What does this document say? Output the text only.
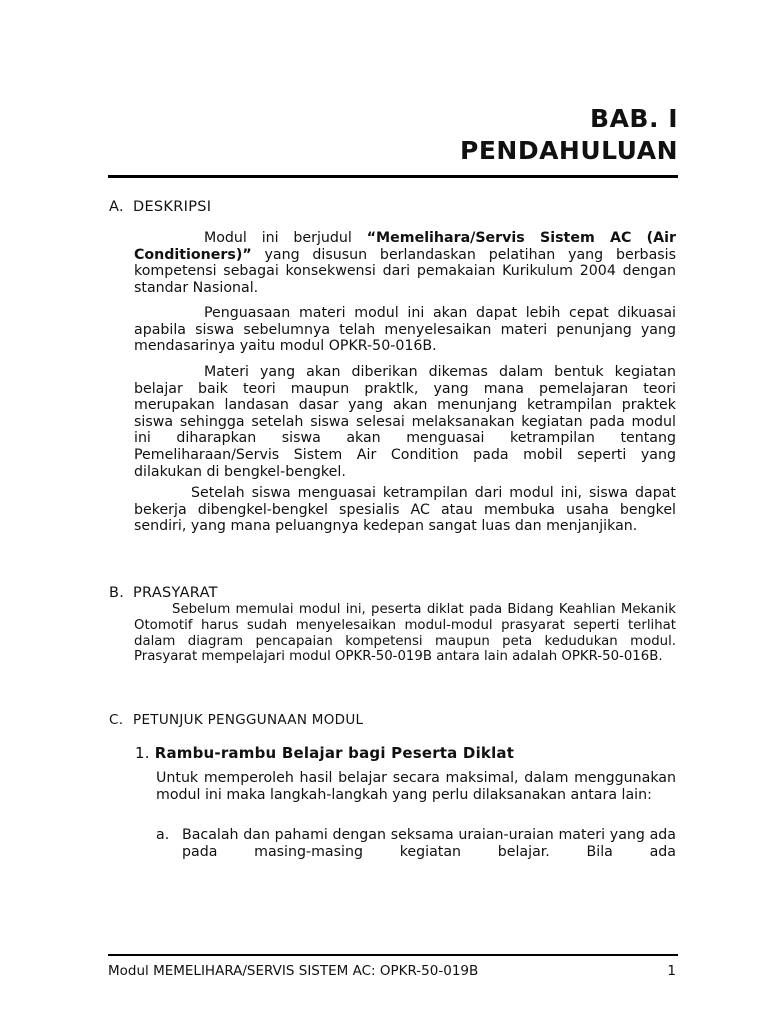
BAB. I
PENDAHULUAN
A. DESKRIPSI

Modul ini berjudul “Memelihara/Servis Sistem AC (Air Conditioners)” yang disusun berlandaskan pelatihan yang berbasis kompetensi sebagai konsekwensi dari pemakaian Kurikulum 2004 dengan standar Nasional.

Penguasaan materi modul ini akan dapat lebih cepat dikuasai apabila siswa sebelumnya telah menyelesaikan materi penunjang yang mendasarinya yaitu modul OPKR-50-016B.

Materi yang akan diberikan dikemas dalam bentuk kegiatan belajar baik teori maupun praktlk, yang mana pemelajaran teori merupakan landasan dasar yang akan menunjang ketrampilan praktek siswa sehingga setelah siswa selesai melaksanakan kegiatan pada modul ini diharapkan siswa akan menguasai ketrampilan tentang Pemeliharaan/Servis Sistem Air Condition pada mobil seperti yang dilakukan di bengkel-bengkel.

Setelah siswa menguasai ketrampilan dari modul ini, siswa dapat bekerja dibengkel-bengkel spesialis AC atau membuka usaha bengkel sendiri, yang mana peluangnya kedepan sangat luas dan menjanjikan.

B. PRASYARAT

Sebelum memulai modul ini, peserta diklat pada Bidang Keahlian Mekanik Otomotif harus sudah menyelesaikan modul-modul prasyarat seperti terlihat dalam diagram pencapaian kompetensi maupun peta kedudukan modul. Prasyarat mempelajari modul OPKR-50-019B antara lain adalah OPKR-50-016B.

C. PETUNJUK PENGGUNAAN MODUL
1. Rambu-rambu Belajar bagi Peserta Diklat

Untuk memperoleh hasil belajar secara maksimal, dalam menggunakan modul ini maka langkah-langkah yang perlu dilaksanakan antara lain:

a. Bacalah dan pahami dengan seksama uraian-uraian materi yang ada pada masing-masing kegiatan belajar. Bila ada
Modul MEMELIHARA/SERVIS SISTEM AC: OPKR-50-019B	1
